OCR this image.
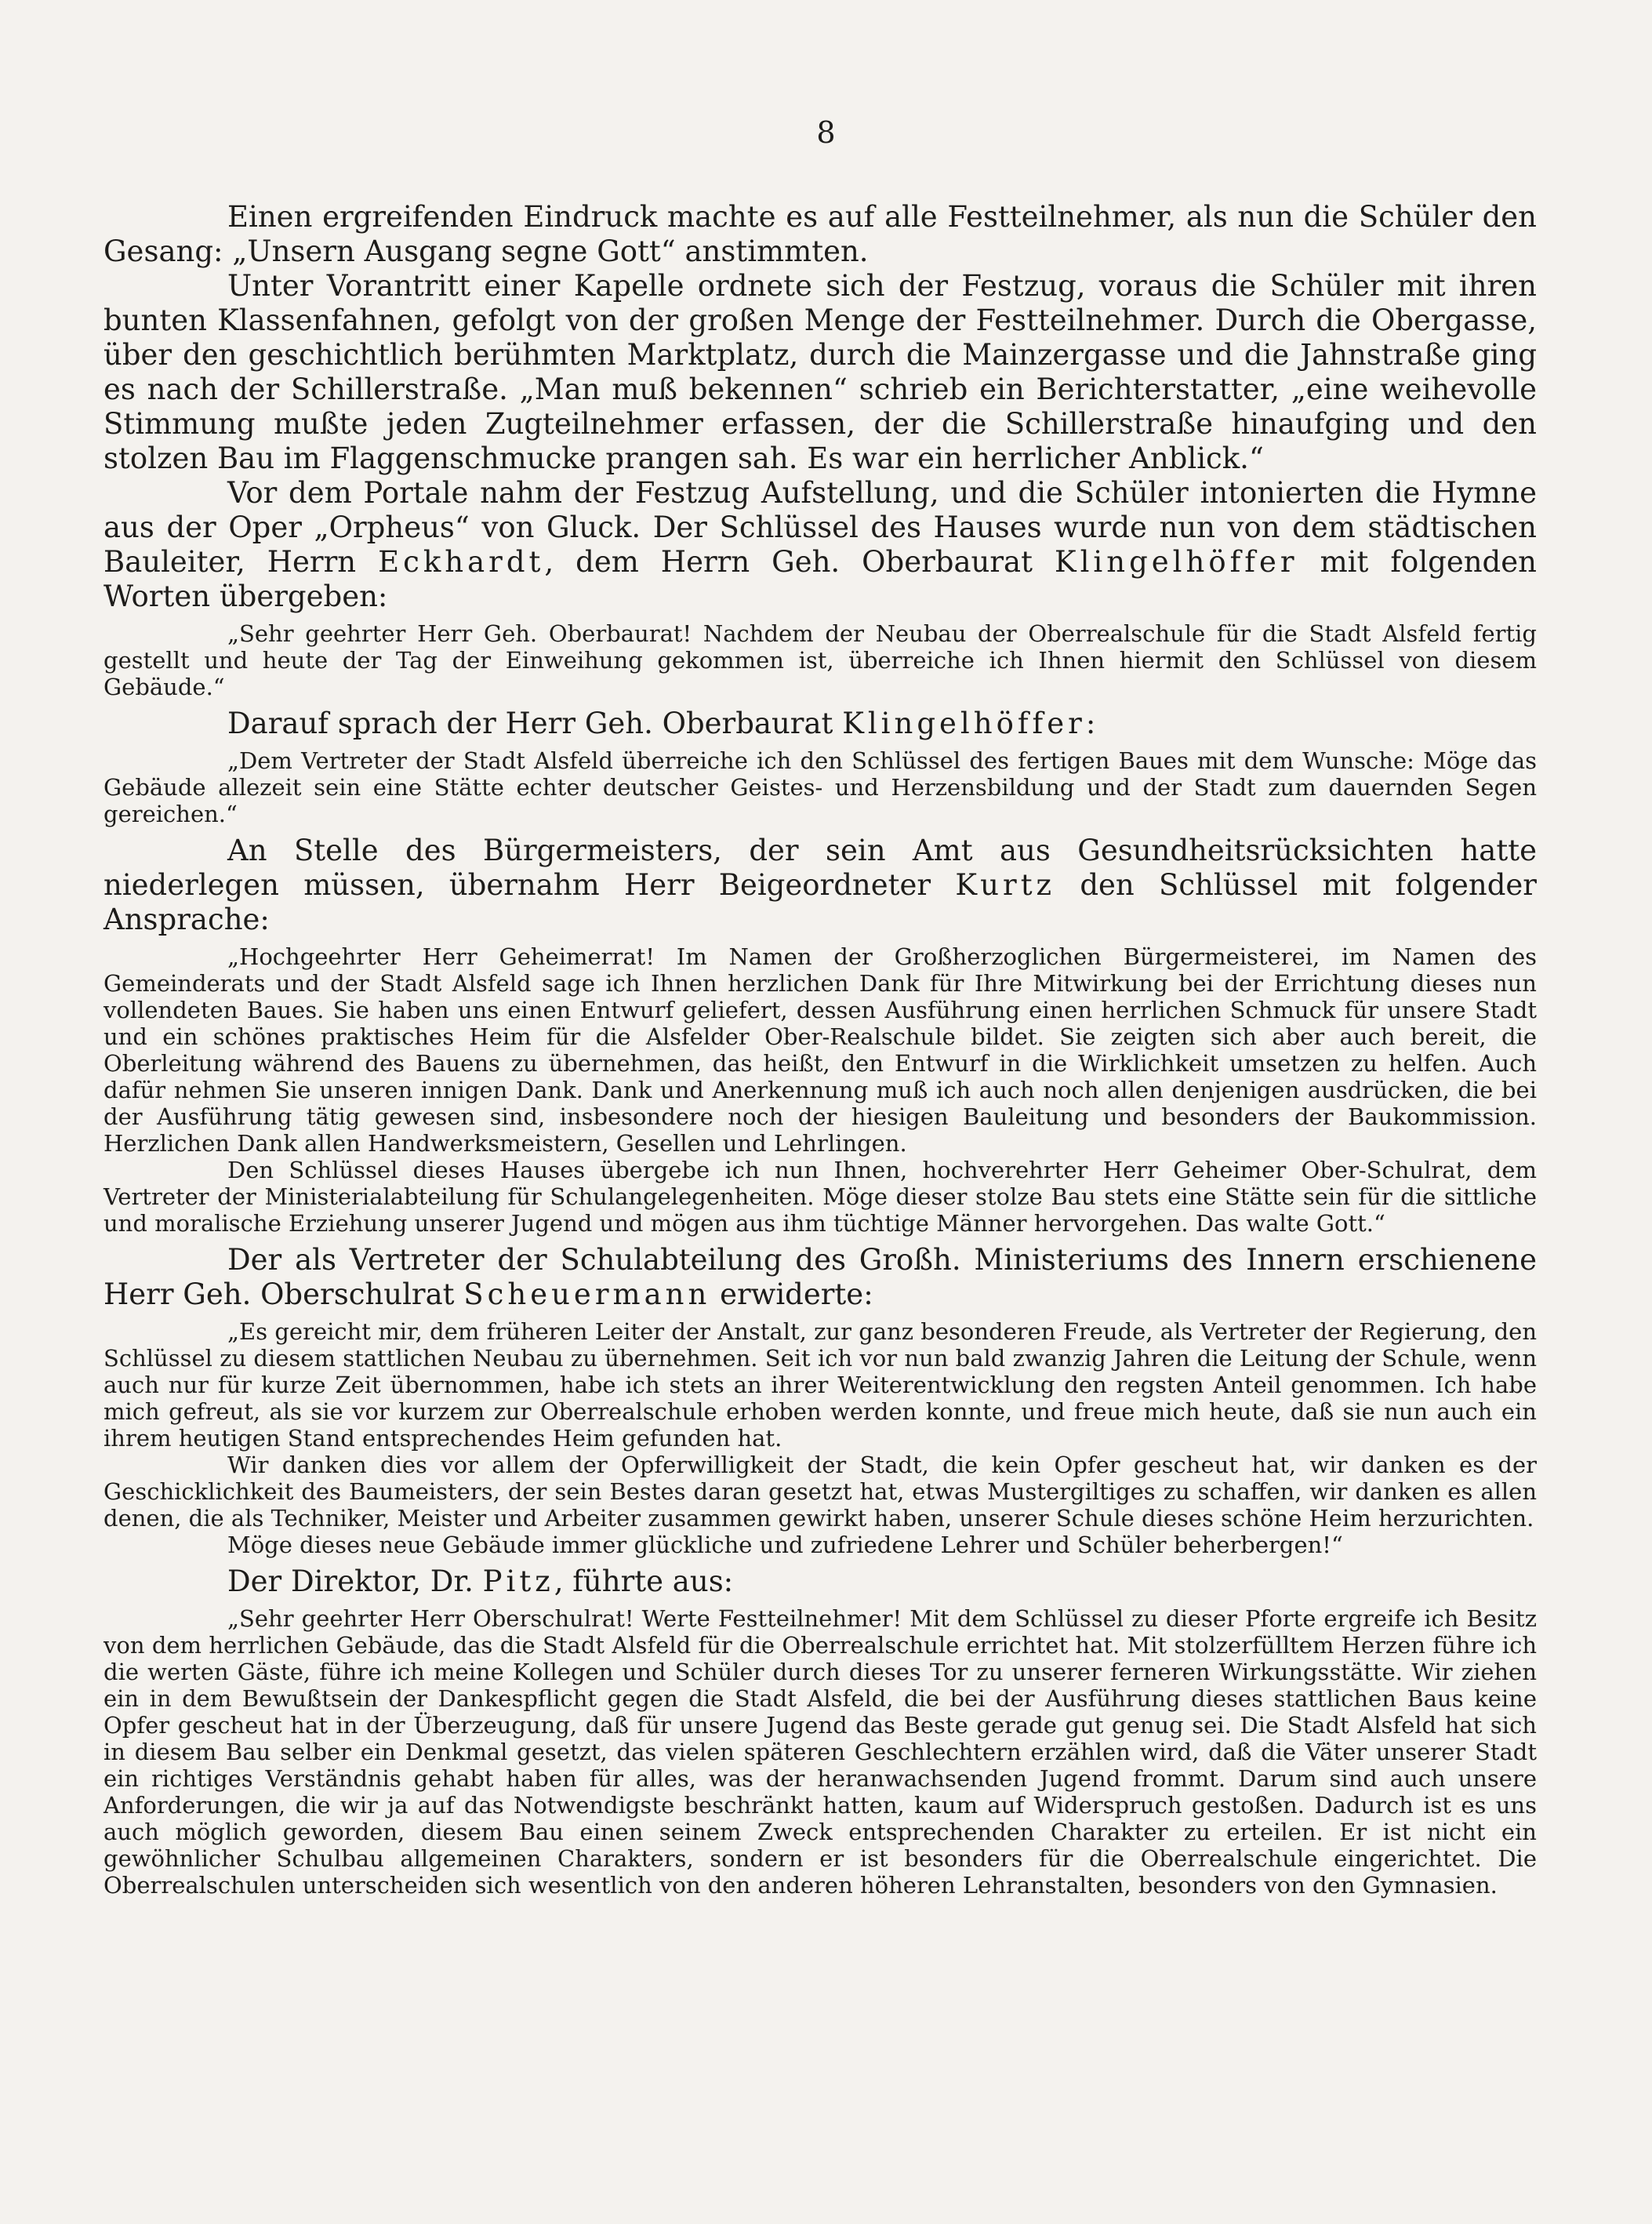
8

Einen ergreifenden Eindruck machte es auf alle Festteilnehmer, als nun die Schüler den Gesang: „Unsern Ausgang segne Gott“ anstimmten.

Unter Vorantritt einer Kapelle ordnete sich der Festzug, voraus die Schüler mit ihren bunten Klassenfahnen, gefolgt von der großen Menge der Festteilnehmer. Durch die Obergasse, über den geschichtlich berühmten Marktplatz, durch die Mainzergasse und die Jahnstraße ging es nach der Schillerstraße. „Man muß bekennen“ schrieb ein Berichterstatter, „eine weihevolle Stimmung mußte jeden Zugteilnehmer erfassen, der die Schillerstraße hinaufging und den stolzen Bau im Flaggenschmucke prangen sah. Es war ein herrlicher Anblick.“

Vor dem Portale nahm der Festzug Aufstellung, und die Schüler intonierten die Hymne aus der Oper „Orpheus“ von Gluck. Der Schlüssel des Hauses wurde nun von dem städtischen Bauleiter, Herrn Eckhardt, dem Herrn Geh. Oberbaurat Klingelhöffer mit folgenden Worten übergeben:

„Sehr geehrter Herr Geh. Oberbaurat! Nachdem der Neubau der Oberrealschule für die Stadt Alsfeld fertig gestellt und heute der Tag der Einweihung gekommen ist, überreiche ich Ihnen hiermit den Schlüssel von diesem Gebäude.“

Darauf sprach der Herr Geh. Oberbaurat Klingelhöffer:

„Dem Vertreter der Stadt Alsfeld überreiche ich den Schlüssel des fertigen Baues mit dem Wunsche: Möge das Gebäude allezeit sein eine Stätte echter deutscher Geistes- und Herzensbildung und der Stadt zum dauernden Segen gereichen.“

An Stelle des Bürgermeisters, der sein Amt aus Gesundheitsrücksichten hatte niederlegen müssen, übernahm Herr Beigeordneter Kurtz den Schlüssel mit folgender Ansprache:

„Hochgeehrter Herr Geheimerrat! Im Namen der Großherzoglichen Bürgermeisterei, im Namen des Gemeinderats und der Stadt Alsfeld sage ich Ihnen herzlichen Dank für Ihre Mitwirkung bei der Errichtung dieses nun vollendeten Baues. Sie haben uns einen Entwurf geliefert, dessen Ausführung einen herrlichen Schmuck für unsere Stadt und ein schönes praktisches Heim für die Alsfelder Ober-Realschule bildet. Sie zeigten sich aber auch bereit, die Oberleitung während des Bauens zu übernehmen, das heißt, den Entwurf in die Wirklichkeit umsetzen zu helfen. Auch dafür nehmen Sie unseren innigen Dank. Dank und Anerkennung muß ich auch noch allen denjenigen ausdrücken, die bei der Ausführung tätig gewesen sind, insbesondere noch der hiesigen Bauleitung und besonders der Baukommission. Herzlichen Dank allen Handwerksmeistern, Gesellen und Lehrlingen.

Den Schlüssel dieses Hauses übergebe ich nun Ihnen, hochverehrter Herr Geheimer Ober-Schulrat, dem Vertreter der Ministerialabteilung für Schulangelegenheiten. Möge dieser stolze Bau stets eine Stätte sein für die sittliche und moralische Erziehung unserer Jugend und mögen aus ihm tüchtige Männer hervorgehen. Das walte Gott.“

Der als Vertreter der Schulabteilung des Großh. Ministeriums des Innern erschienene Herr Geh. Oberschulrat Scheuermann erwiderte:

„Es gereicht mir, dem früheren Leiter der Anstalt, zur ganz besonderen Freude, als Vertreter der Regierung, den Schlüssel zu diesem stattlichen Neubau zu übernehmen. Seit ich vor nun bald zwanzig Jahren die Leitung der Schule, wenn auch nur für kurze Zeit übernommen, habe ich stets an ihrer Weiterentwicklung den regsten Anteil genommen. Ich habe mich gefreut, als sie vor kurzem zur Oberrealschule erhoben werden konnte, und freue mich heute, daß sie nun auch ein ihrem heutigen Stand entsprechendes Heim gefunden hat.

Wir danken dies vor allem der Opferwilligkeit der Stadt, die kein Opfer gescheut hat, wir danken es der Geschicklichkeit des Baumeisters, der sein Bestes daran gesetzt hat, etwas Mustergiltiges zu schaffen, wir danken es allen denen, die als Techniker, Meister und Arbeiter zusammen gewirkt haben, unserer Schule dieses schöne Heim herzurichten.

Möge dieses neue Gebäude immer glückliche und zufriedene Lehrer und Schüler beherbergen!“

Der Direktor, Dr. Pitz, führte aus:

„Sehr geehrter Herr Oberschulrat! Werte Festteilnehmer! Mit dem Schlüssel zu dieser Pforte ergreife ich Besitz von dem herrlichen Gebäude, das die Stadt Alsfeld für die Oberrealschule errichtet hat. Mit stolzerfülltem Herzen führe ich die werten Gäste, führe ich meine Kollegen und Schüler durch dieses Tor zu unserer ferneren Wirkungsstätte. Wir ziehen ein in dem Bewußtsein der Dankespflicht gegen die Stadt Alsfeld, die bei der Ausführung dieses stattlichen Baus keine Opfer gescheut hat in der Überzeugung, daß für unsere Jugend das Beste gerade gut genug sei. Die Stadt Alsfeld hat sich in diesem Bau selber ein Denkmal gesetzt, das vielen späteren Geschlechtern erzählen wird, daß die Väter unserer Stadt ein richtiges Verständnis gehabt haben für alles, was der heranwachsenden Jugend frommt. Darum sind auch unsere Anforderungen, die wir ja auf das Notwendigste beschränkt hatten, kaum auf Widerspruch gestoßen. Dadurch ist es uns auch möglich geworden, diesem Bau einen seinem Zweck entsprechenden Charakter zu erteilen. Er ist nicht ein gewöhnlicher Schulbau allgemeinen Charakters, sondern er ist besonders für die Oberrealschule eingerichtet. Die Oberrealschulen unterscheiden sich wesentlich von den anderen höheren Lehranstalten, besonders von den Gymnasien.
